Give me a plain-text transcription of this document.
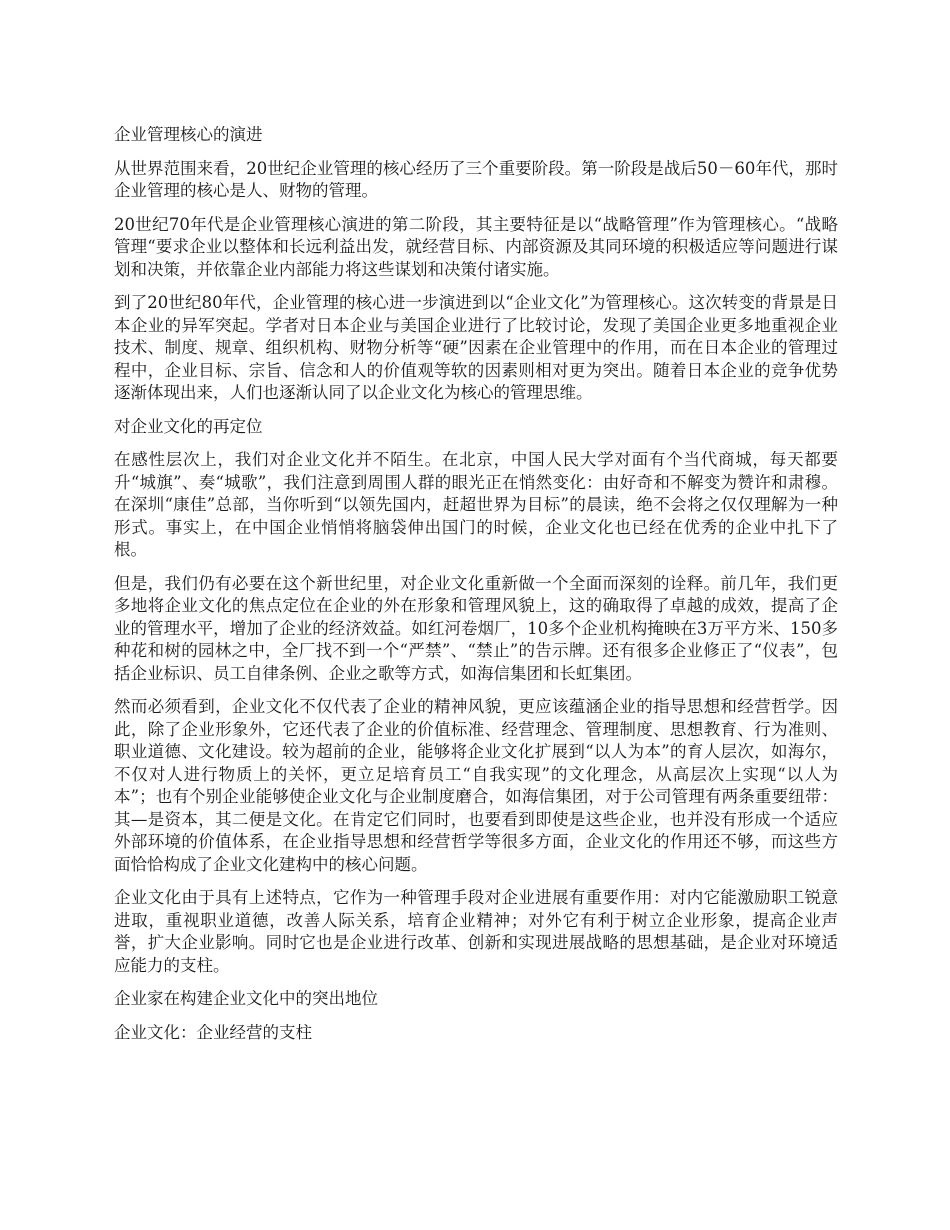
企业管理核心的演进

从世界范围来看，20世纪企业管理的核心经历了三个重要阶段。第一阶段是战后50－60年代，那时企业管理的核心是人、财物的管理。

20世纪70年代是企业管理核心演进的第二阶段，其主要特征是以“战略管理”作为管理核心。“战略管理“要求企业以整体和长远利益出发，就经营目标、内部资源及其同环境的积极适应等问题进行谋划和决策，并依靠企业内部能力将这些谋划和决策付诸实施。

到了20世纪80年代，企业管理的核心进一步演进到以“企业文化”为管理核心。这次转变的背景是日本企业的异军突起。学者对日本企业与美国企业进行了比较讨论，发现了美国企业更多地重视企业技术、制度、规章、组织机构、财物分析等“硬”因素在企业管理中的作用，而在日本企业的管理过程中，企业目标、宗旨、信念和人的价值观等软的因素则相对更为突出。随着日本企业的竞争优势逐渐体现出来，人们也逐渐认同了以企业文化为核心的管理思维。

对企业文化的再定位

在感性层次上，我们对企业文化并不陌生。在北京，中国人民大学对面有个当代商城，每天都要升“城旗”、奏“城歌”，我们注意到周围人群的眼光正在悄然变化：由好奇和不解变为赞许和肃穆。在深圳“康佳”总部，当你听到“以领先国内，赶超世界为目标”的晨读，绝不会将之仅仅理解为一种形式。事实上，在中国企业悄悄将脑袋伸出国门的时候，企业文化也已经在优秀的企业中扎下了根。

但是，我们仍有必要在这个新世纪里，对企业文化重新做一个全面而深刻的诠释。前几年，我们更多地将企业文化的焦点定位在企业的外在形象和管理风貌上，这的确取得了卓越的成效，提高了企业的管理水平，增加了企业的经济效益。如红河卷烟厂，10多个企业机构掩映在3万平方米、150多种花和树的园林之中，全厂找不到一个“严禁”、“禁止”的告示牌。还有很多企业修正了“仪表”，包括企业标识、员工自律条例、企业之歌等方式，如海信集团和长虹集团。

然而必须看到，企业文化不仅代表了企业的精神风貌，更应该蕴涵企业的指导思想和经营哲学。因此，除了企业形象外，它还代表了企业的价值标准、经营理念、管理制度、思想教育、行为准则、职业道德、文化建设。较为超前的企业，能够将企业文化扩展到“以人为本”的育人层次，如海尔，不仅对人进行物质上的关怀，更立足培育员工“自我实现”的文化理念，从高层次上实现“以人为本”；也有个别企业能够使企业文化与企业制度磨合，如海信集团，对于公司管理有两条重要纽带：其—是资本，其二便是文化。在肯定它们同时，也要看到即使是这些企业，也并没有形成一个适应外部环境的价值体系，在企业指导思想和经营哲学等很多方面，企业文化的作用还不够，而这些方面恰恰构成了企业文化建构中的核心问题。

企业文化由于具有上述特点，它作为一种管理手段对企业进展有重要作用：对内它能激励职工锐意进取，重视职业道德，改善人际关系，培育企业精神；对外它有利于树立企业形象，提高企业声誉，扩大企业影响。同时它也是企业进行改革、创新和实现进展战略的思想基础，是企业对环境适应能力的支柱。

企业家在构建企业文化中的突出地位

企业文化：企业经营的支柱
